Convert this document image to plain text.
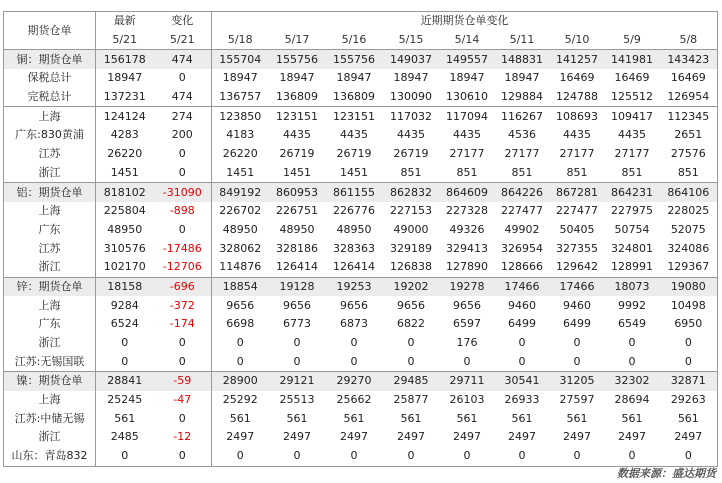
期货仓单	最新	变化	近期期货仓单变化								
	5/21	5/21	5/18	5/17	5/16	5/15	5/14	5/11	5/10	5/9	5/8
铜：期货仓单	156178	474	155704	155756	155756	149037	149557	148831	141257	141981	143423
保税总计	18947	0	18947	18947	18947	18947	18947	18947	16469	16469	16469
完税总计	137231	474	136757	136809	136809	130090	130610	129884	124788	125512	126954
上海	124124	274	123850	123151	123151	117032	117094	116267	108693	109417	112345
广东:830黄浦	4283	200	4183	4435	4435	4435	4435	4536	4435	4435	2651
江苏	26220	0	26220	26719	26719	26719	27177	27177	27177	27177	27576
浙江	1451	0	1451	1451	1451	851	851	851	851	851	851
铝：期货仓单	818102	-31090	849192	860953	861155	862832	864609	864226	867281	864231	864106
上海	225804	-898	226702	226751	226776	227153	227328	227477	227477	227975	228025
广东	48950	0	48950	48950	48950	49000	49326	49902	50405	50754	52075
江苏	310576	-17486	328062	328186	328363	329189	329413	326954	327355	324801	324086
浙江	102170	-12706	114876	126414	126414	126838	127890	128666	129642	128991	129367
锌：期货仓单	18158	-696	18854	19128	19253	19202	19278	17466	17466	18073	19080
上海	9284	-372	9656	9656	9656	9656	9656	9460	9460	9992	10498
广东	6524	-174	6698	6773	6873	6822	6597	6499	6499	6549	6950
浙江	0	0	0	0	0	0	176	0	0	0	0
江苏:无锡国联	0	0	0	0	0	0	0	0	0	0	0
镍：期货仓单	28841	-59	28900	29121	29270	29485	29711	30541	31205	32302	32871
上海	25245	-47	25292	25513	25662	25877	26103	26933	27597	28694	29263
江苏:中储无锡	561	0	561	561	561	561	561	561	561	561	561
浙江	2485	-12	2497	2497	2497	2497	2497	2497	2497	2497	2497
山东：青岛832	0	0	0	0	0	0	0	0	0	0	0
数据来源：盛达期货
